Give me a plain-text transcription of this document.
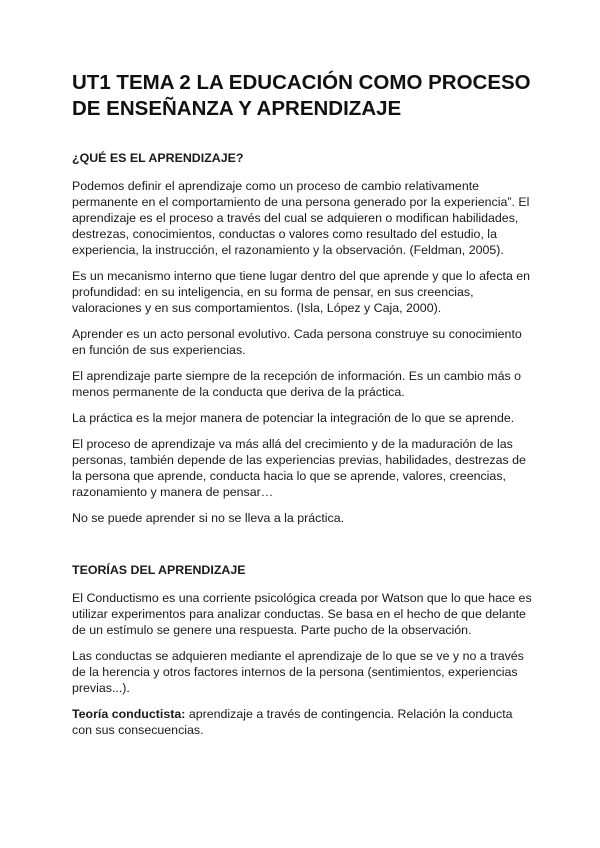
UT1 TEMA 2 LA EDUCACIÓN COMO PROCESO DE ENSEÑANZA Y APRENDIZAJE
¿QUÉ ES EL APRENDIZAJE?

Podemos definir el aprendizaje como un proceso de cambio relativamente permanente en el comportamiento de una persona generado por la experiencia”. El aprendizaje es el proceso a través del cual se adquieren o modifican habilidades, destrezas, conocimientos, conductas o valores como resultado del estudio, la experiencia, la instrucción, el razonamiento y la observación. (Feldman, 2005).

Es un mecanismo interno que tiene lugar dentro del que aprende y que lo afecta en profundidad: en su inteligencia, en su forma de pensar, en sus creencias, valoraciones y en sus comportamientos. (Isla, López y Caja, 2000).

Aprender es un acto personal evolutivo. Cada persona construye su conocimiento en función de sus experiencias.

El aprendizaje parte siempre de la recepción de información. Es un cambio más o menos permanente de la conducta que deriva de la práctica.

La práctica es la mejor manera de potenciar la integración de lo que se aprende.

El proceso de aprendizaje va más allá del crecimiento y de la maduración de las personas, también depende de las experiencias previas, habilidades, destrezas de la persona que aprende, conducta hacia lo que se aprende, valores, creencias, razonamiento y manera de pensar…

No se puede aprender si no se lleva a la práctica.

TEORÍAS DEL APRENDIZAJE

El Conductismo es una corriente psicológica creada por Watson que lo que hace es utilizar experimentos para analizar conductas. Se basa en el hecho de que delante de un estímulo se genere una respuesta. Parte pucho de la observación.

Las conductas se adquieren mediante el aprendizaje de lo que se ve y no a través de la herencia y otros factores internos de la persona (sentimientos, experiencias previas...).

Teoría conductista: aprendizaje a través de contingencia. Relación la conducta con sus consecuencias.
